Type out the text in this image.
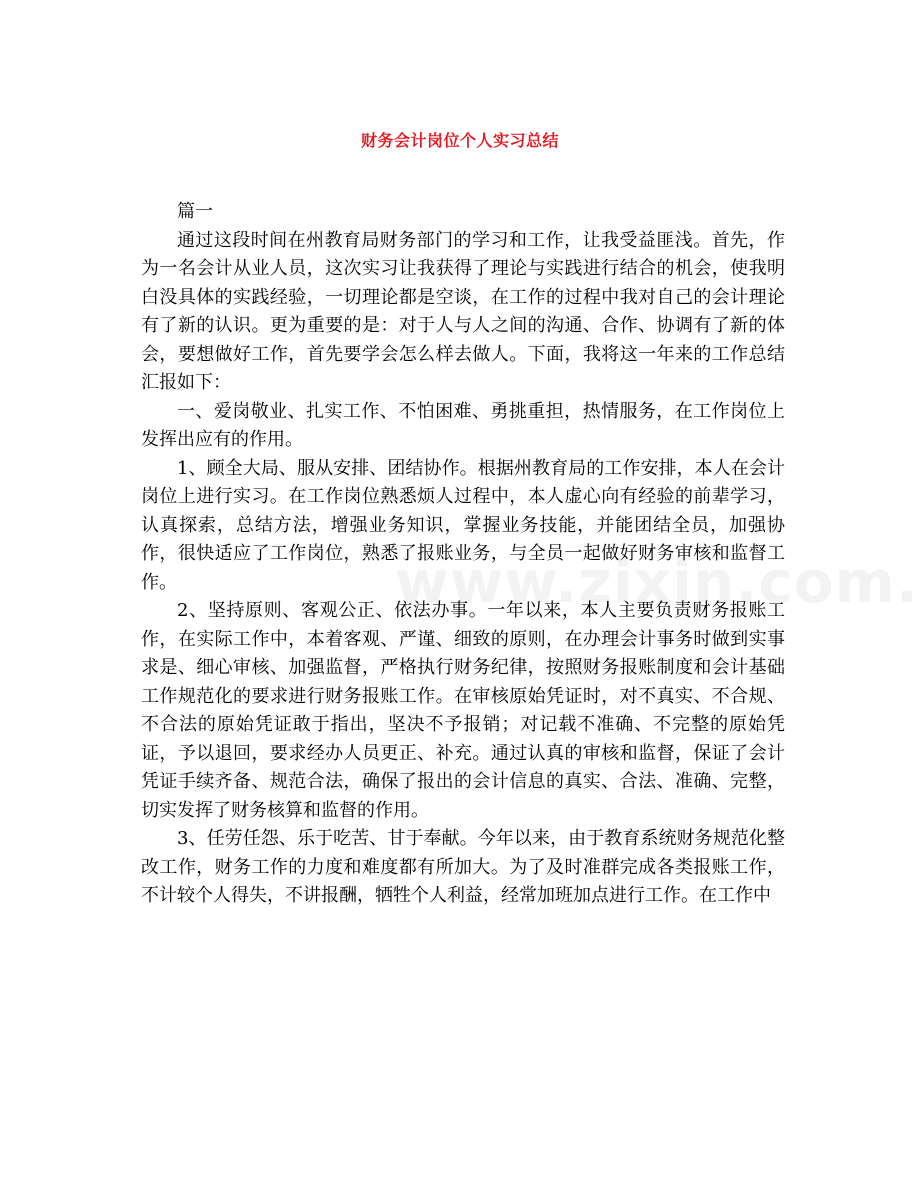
财务会计岗位个人实习总结

篇一

通过这段时间在州教育局财务部门的学习和工作，让我受益匪浅。首先，作为一名会计从业人员，这次实习让我获得了理论与实践进行结合的机会，使我明白没具体的实践经验，一切理论都是空谈，在工作的过程中我对自己的会计理论有了新的认识。更为重要的是：对于人与人之间的沟通、合作、协调有了新的体会，要想做好工作，首先要学会怎么样去做人。下面，我将这一年来的工作总结汇报如下：

一、爱岗敬业、扎实工作、不怕困难、勇挑重担，热情服务，在工作岗位上发挥出应有的作用。

1、顾全大局、服从安排、团结协作。根据州教育局的工作安排，本人在会计岗位上进行实习。在工作岗位熟悉烦人过程中，本人虚心向有经验的前辈学习，认真探索，总结方法，增强业务知识，掌握业务技能，并能团结全员，加强协作，很快适应了工作岗位，熟悉了报账业务，与全员一起做好财务审核和监督工作。

2、坚持原则、客观公正、依法办事。一年以来，本人主要负责财务报账工作，在实际工作中，本着客观、严谨、细致的原则，在办理会计事务时做到实事求是、细心审核、加强监督，严格执行财务纪律，按照财务报账制度和会计基础工作规范化的要求进行财务报账工作。在审核原始凭证时，对不真实、不合规、不合法的原始凭证敢于指出，坚决不予报销；对记载不准确、不完整的原始凭证，予以退回，要求经办人员更正、补充。通过认真的审核和监督，保证了会计凭证手续齐备、规范合法，确保了报出的会计信息的真实、合法、准确、完整，切实发挥了财务核算和监督的作用。

3、任劳任怨、乐于吃苦、甘于奉献。今年以来，由于教育系统财务规范化整改工作，财务工作的力度和难度都有所加大。为了及时准群完成各类报账工作，不计较个人得失，不讲报酬，牺牲个人利益，经常加班加点进行工作。在工作中
